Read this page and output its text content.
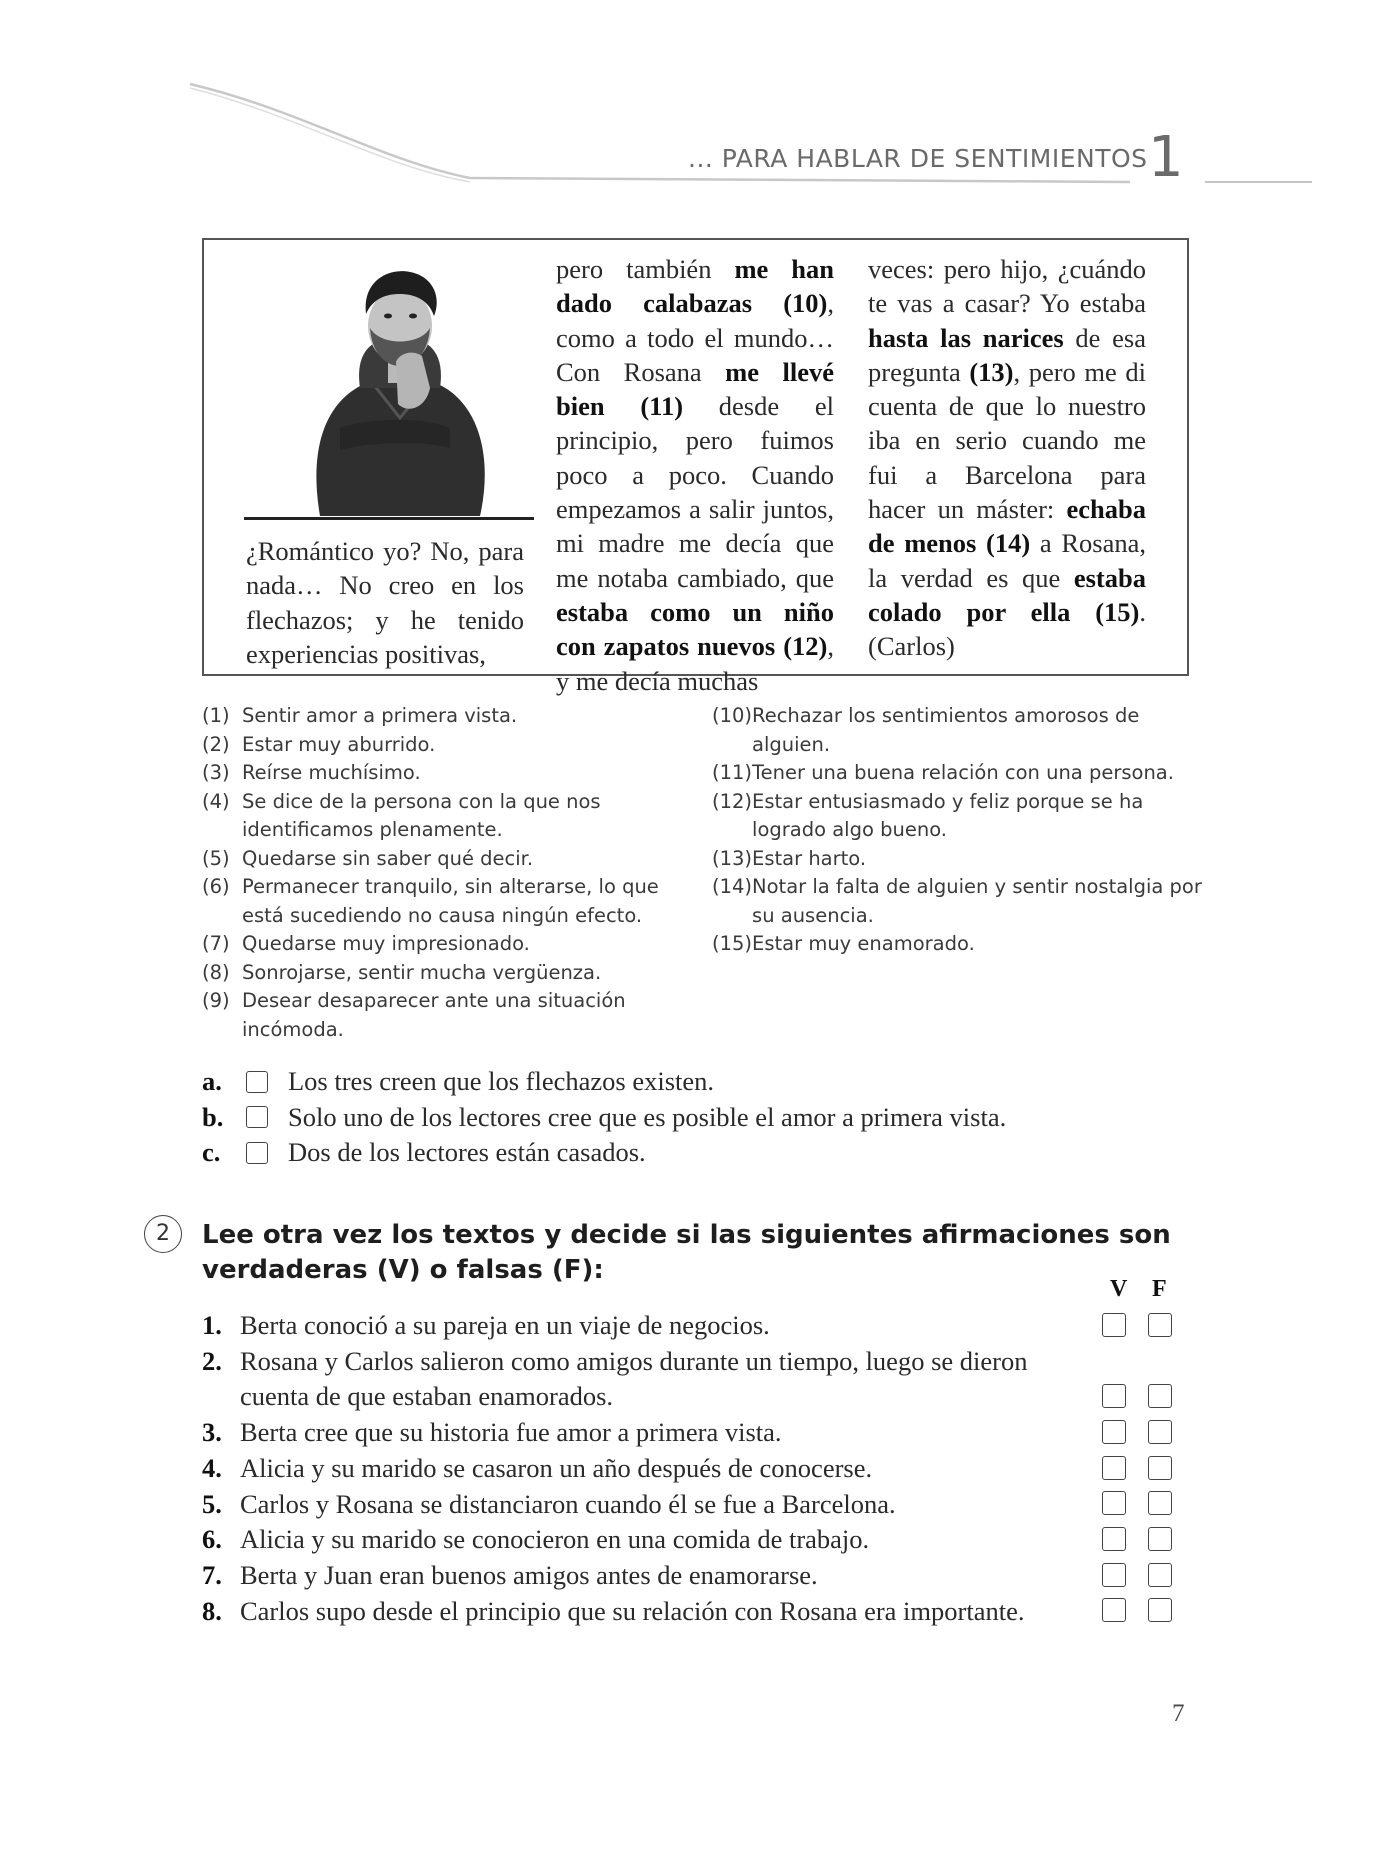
... PARA HABLAR DE SENTIMIENTOS 1
¿Romántico yo? No, para nada… No creo en los flechazos; y he tenido experiencias positivas,
pero también me han dado calabazas (10), como a todo el mundo… Con Rosana me llevé bien (11) desde el principio, pero fuimos poco a poco. Cuando empezamos a salir juntos, mi madre me decía que me notaba cambiado, que estaba como un niño con zapatos nuevos (12), y me decía muchas
veces: pero hijo, ¿cuándo te vas a casar? Yo estaba hasta las narices de esa pregunta (13), pero me di cuenta de que lo nuestro iba en serio cuando me fui a Barcelona para hacer un máster: echaba de menos (14) a Rosana, la verdad es que estaba colado por ella (15). (Carlos)
(1) Sentir amor a primera vista.
(2) Estar muy aburrido.
(3) Reírse muchísimo.
(4) Se dice de la persona con la que nos identificamos plenamente.
(5) Quedarse sin saber qué decir.
(6) Permanecer tranquilo, sin alterarse, lo que está sucediendo no causa ningún efecto.
(7) Quedarse muy impresionado.
(8) Sonrojarse, sentir mucha vergüenza.
(9) Desear desaparecer ante una situación incómoda.
(10) Rechazar los sentimientos amorosos de alguien.
(11) Tener una buena relación con una persona.
(12) Estar entusiasmado y feliz porque se ha logrado algo bueno.
(13) Estar harto.
(14) Notar la falta de alguien y sentir nostalgia por su ausencia.
(15) Estar muy enamorado.
a.	Los tres creen que los flechazos existen.
b.	Solo uno de los lectores cree que es posible el amor a primera vista.
c.	Dos de los lectores están casados.
2	Lee otra vez los textos y decide si las siguientes afirmaciones son verdaderas (V) o falsas (F):
V F
1. Berta conoció a su pareja en un viaje de negocios.
2. Rosana y Carlos salieron como amigos durante un tiempo, luego se dieron cuenta de que estaban enamorados.
3. Berta cree que su historia fue amor a primera vista.
4. Alicia y su marido se casaron un año después de conocerse.
5. Carlos y Rosana se distanciaron cuando él se fue a Barcelona.
6. Alicia y su marido se conocieron en una comida de trabajo.
7. Berta y Juan eran buenos amigos antes de enamorarse.
8. Carlos supo desde el principio que su relación con Rosana era importante.
7
